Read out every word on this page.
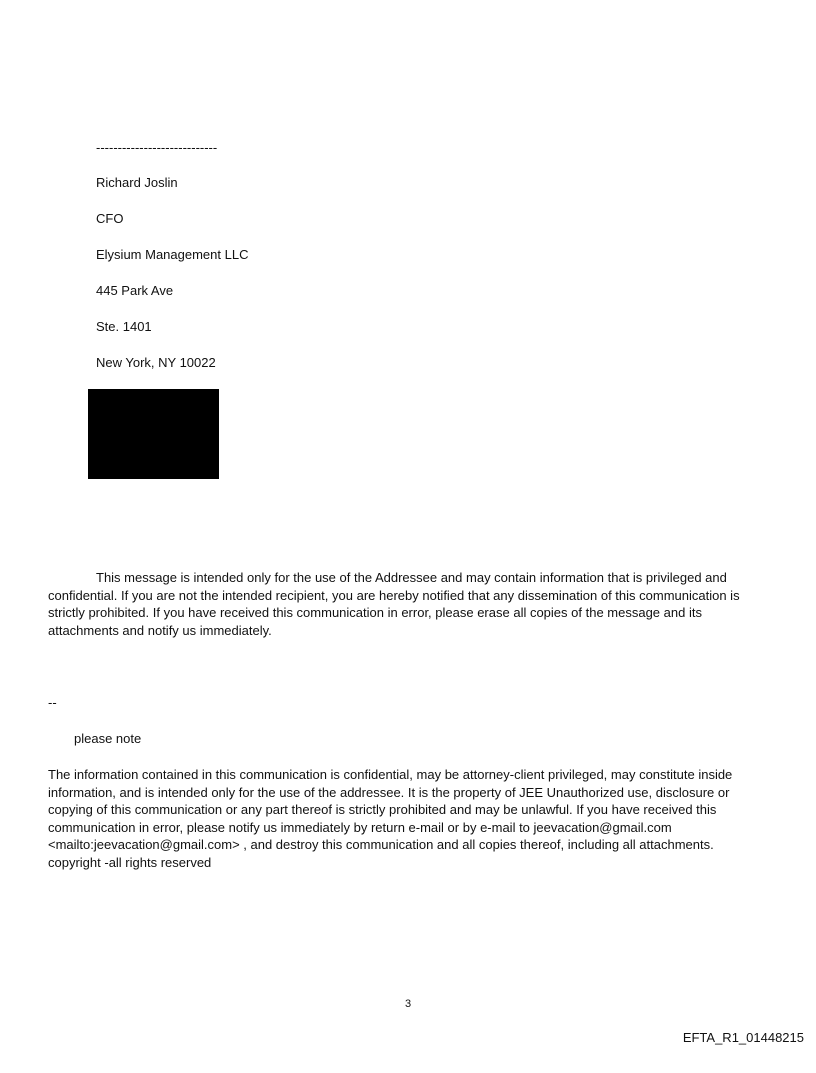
----------------------------
Richard Joslin
CFO
Elysium Management LLC
445 Park Ave
Ste. 1401
New York, NY 10022
This message is intended only for the use of the Addressee and may contain information that is privileged and confidential. If you are not the intended recipient, you are hereby notified that any dissemination of this communication is strictly prohibited. If you have received this communication in error, please erase all copies of the message and its attachments and notify us immediately.
--
please note
The information contained in this communication is confidential, may be attorney-client privileged, may constitute inside information, and is intended only for the use of the addressee. It is the property of JEE Unauthorized use, disclosure or copying of this communication or any part thereof is strictly prohibited and may be unlawful. If you have received this communication in error, please notify us immediately by return e-mail or by e-mail to jeevacation@gmail.com <mailto:jeevacation@gmail.com> , and destroy this communication and all copies thereof, including all attachments. copyright -all rights reserved
3
EFTA_R1_01448215
